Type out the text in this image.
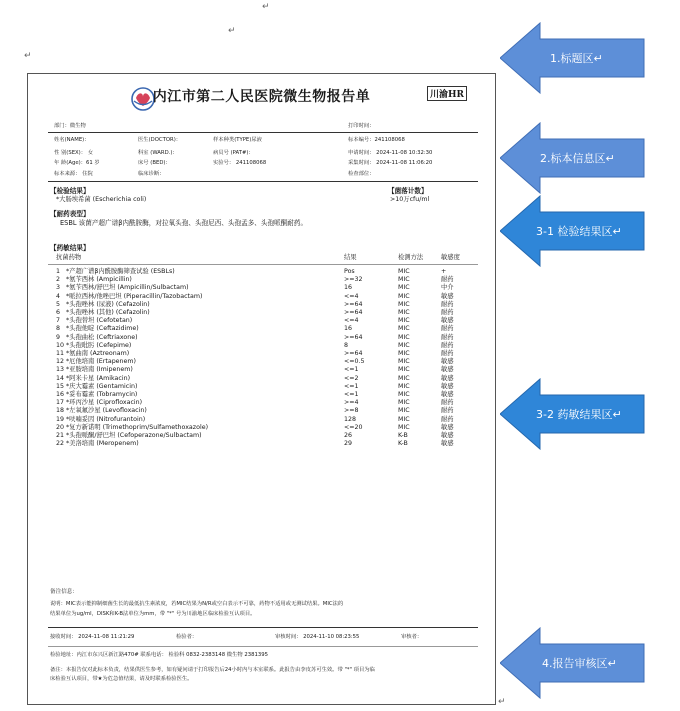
↵
↵
↵
↵
内江市第二人民医院微生物报告单	川渝HR
部门：微生物	打印时间：
姓名(NAME)：	医生(DOCTOR)：	样本种类(TYPE)尿液	标本编号：241108068
性 别(SEX)： 女	科室 (WARD.)：	病员号 (PAT#)：	申请时间： 2024-11-08 10:32:30
年 龄(Age)：61 岁	床号 (BED)：	实验号： 241108068	采集时间： 2024-11-08 11:06:20
标本来源： 住院	临床诊断：	检查部位：
【检验结果】	【菌落计数】
*大肠埃希菌 (Escherichia coli)	>10万cfu/ml
【耐药表型】
ESBL 该菌产超广谱β内酰胺酶，对拉氧头孢、头孢尼西、头孢孟多、头孢哌酮耐药。
【药敏结果】
抗菌药物	结果	检测方法	敏感度
1 *产超广谱β内酰胺酶筛查试验 (ESBLs)	Pos	MIC	+
2 *氨苄西林 (Ampicillin)	>=32	MIC	耐药
3 *氨苄西林/舒巴坦 (Ampicillin/Sulbactam)	16	MIC	中介
4 *哌拉西林/他唑巴坦 (Piperacillin/Tazobactam)	<=4	MIC	敏感
5 *头孢唑林 (尿液) (Cefazolin)	>=64	MIC	耐药
6 *头孢唑林 (其他) (Cefazolin)	>=64	MIC	耐药
7 *头孢替坦 (Cefotetan)	<=4	MIC	敏感
8 *头孢他啶 (Ceftazidime)	16	MIC	耐药
9 *头孢曲松 (Ceftriaxone)	>=64	MIC	耐药
10 *头孢吡肟 (Cefepime)	8	MIC	耐药
11 *氨曲南 (Aztreonam)	>=64	MIC	耐药
12 *厄他培南 (Ertapenem)	<=0.5	MIC	敏感
13 *亚胺培南 (Imipenem)	<=1	MIC	敏感
14 *阿米卡星 (Amikacin)	<=2	MIC	敏感
15 *庆大霉素 (Gentamicin)	<=1	MIC	敏感
16 *妥布霉素 (Tobramycin)	<=1	MIC	敏感
17 *环丙沙星 (Ciprofloxacin)	>=4	MIC	耐药
18 *左氧氟沙星 (Levofloxacin)	>=8	MIC	耐药
19 *呋喃妥因 (Nitrofurantoin)	128	MIC	耐药
20 *复方新诺明 (Trimethoprim/Sulfamethoxazole)	<=20	MIC	敏感
21 *头孢哌酮/舒巴坦 (Cefoperazone/Sulbactam)	26	K-B	敏感
22 *美洛培南 (Meropenem)	29	K-B	敏感
备注信息：
说明：MIC表示能抑制细菌生长的最低抗生素浓度，若MIC结果为N/R或空白表示不可靠，药物不适用或无测试结果。MIC法的
结果单位为ug/ml，DISK和K-B法单位为mm，带 "*" 号为川渝地区临床检验互认项目。
接收时间： 2024-11-08 11:21:29	检验者：	审核时间： 2024-11-10 08:23:55	审核者：
检验地址：内江市东兴区新江路470# 联系电话： 检验科 0832-2383148 微生物 2381395
备注：本报告仅对此标本负责，结果供医生参考，如有疑问请于打印报告后24小时内与本室联系。此报告由李皮苏可生效。带 "*" 项目为临
床检验互认项目，带★为危急值结果，请及时联系检验医生。
1.标题区↵
2.标本信息区↵
3-1 检验结果区↵
3-2 药敏结果区↵
4.报告审核区↵
